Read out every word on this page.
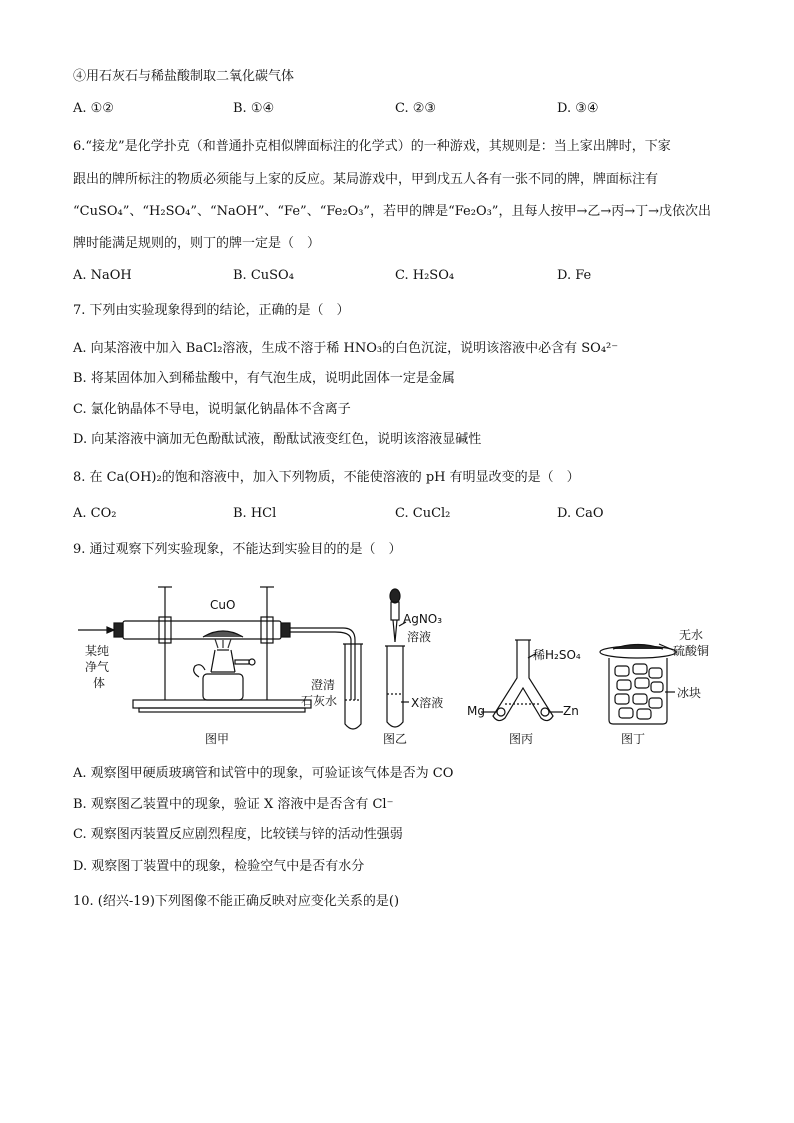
④用石灰石与稀盐酸制取二氧化碳气体
A. ①②	B. ①④	C. ②③	D. ③④
6.“接龙”是化学扑克（和普通扑克相似牌面标注的化学式）的一种游戏，其规则是：当上家出牌时，下家
跟出的牌所标注的物质必须能与上家的反应。某局游戏中，甲到戊五人各有一张不同的牌，牌面标注有
“CuSO₄”、“H₂SO₄”、“NaOH”、“Fe”、“Fe₂O₃”，若甲的牌是“Fe₂O₃”，且每人按甲→乙→丙→丁→戊依次出
牌时能满足规则的，则丁的牌一定是（　）
A. NaOH	B. CuSO₄	C. H₂SO₄	D. Fe
7. 下列由实验现象得到的结论，正确的是（　）
A. 向某溶液中加入 BaCl₂溶液，生成不溶于稀 HNO₃的白色沉淀，说明该溶液中必含有 SO₄²⁻
B. 将某固体加入到稀盐酸中，有气泡生成，说明此固体一定是金属
C. 氯化钠晶体不导电，说明氯化钠晶体不含离子
D. 向某溶液中滴加无色酚酞试液，酚酞试液变红色，说明该溶液显碱性
8. 在 Ca(OH)₂的饱和溶液中，加入下列物质，不能使溶液的 pH 有明显改变的是（　）
A. CO₂	B. HCl	C. CuCl₂	D. CaO
9. 通过观察下列实验现象，不能达到实验目的的是（　）
CuO
某纯
净气
体
AgNO₃
溶液
澄清
石灰水	X溶液
稀H₂SO₄
Mg	Zn
无水
硫酸铜
冰块
图甲	图乙	图丙	图丁
A. 观察图甲硬质玻璃管和试管中的现象，可验证该气体是否为 CO
B. 观察图乙装置中的现象，验证 X 溶液中是否含有 Cl⁻
C. 观察图丙装置反应剧烈程度，比较镁与锌的活动性强弱
D. 观察图丁装置中的现象，检验空气中是否有水分
10. (绍兴-19)下列图像不能正确反映对应变化关系的是()
